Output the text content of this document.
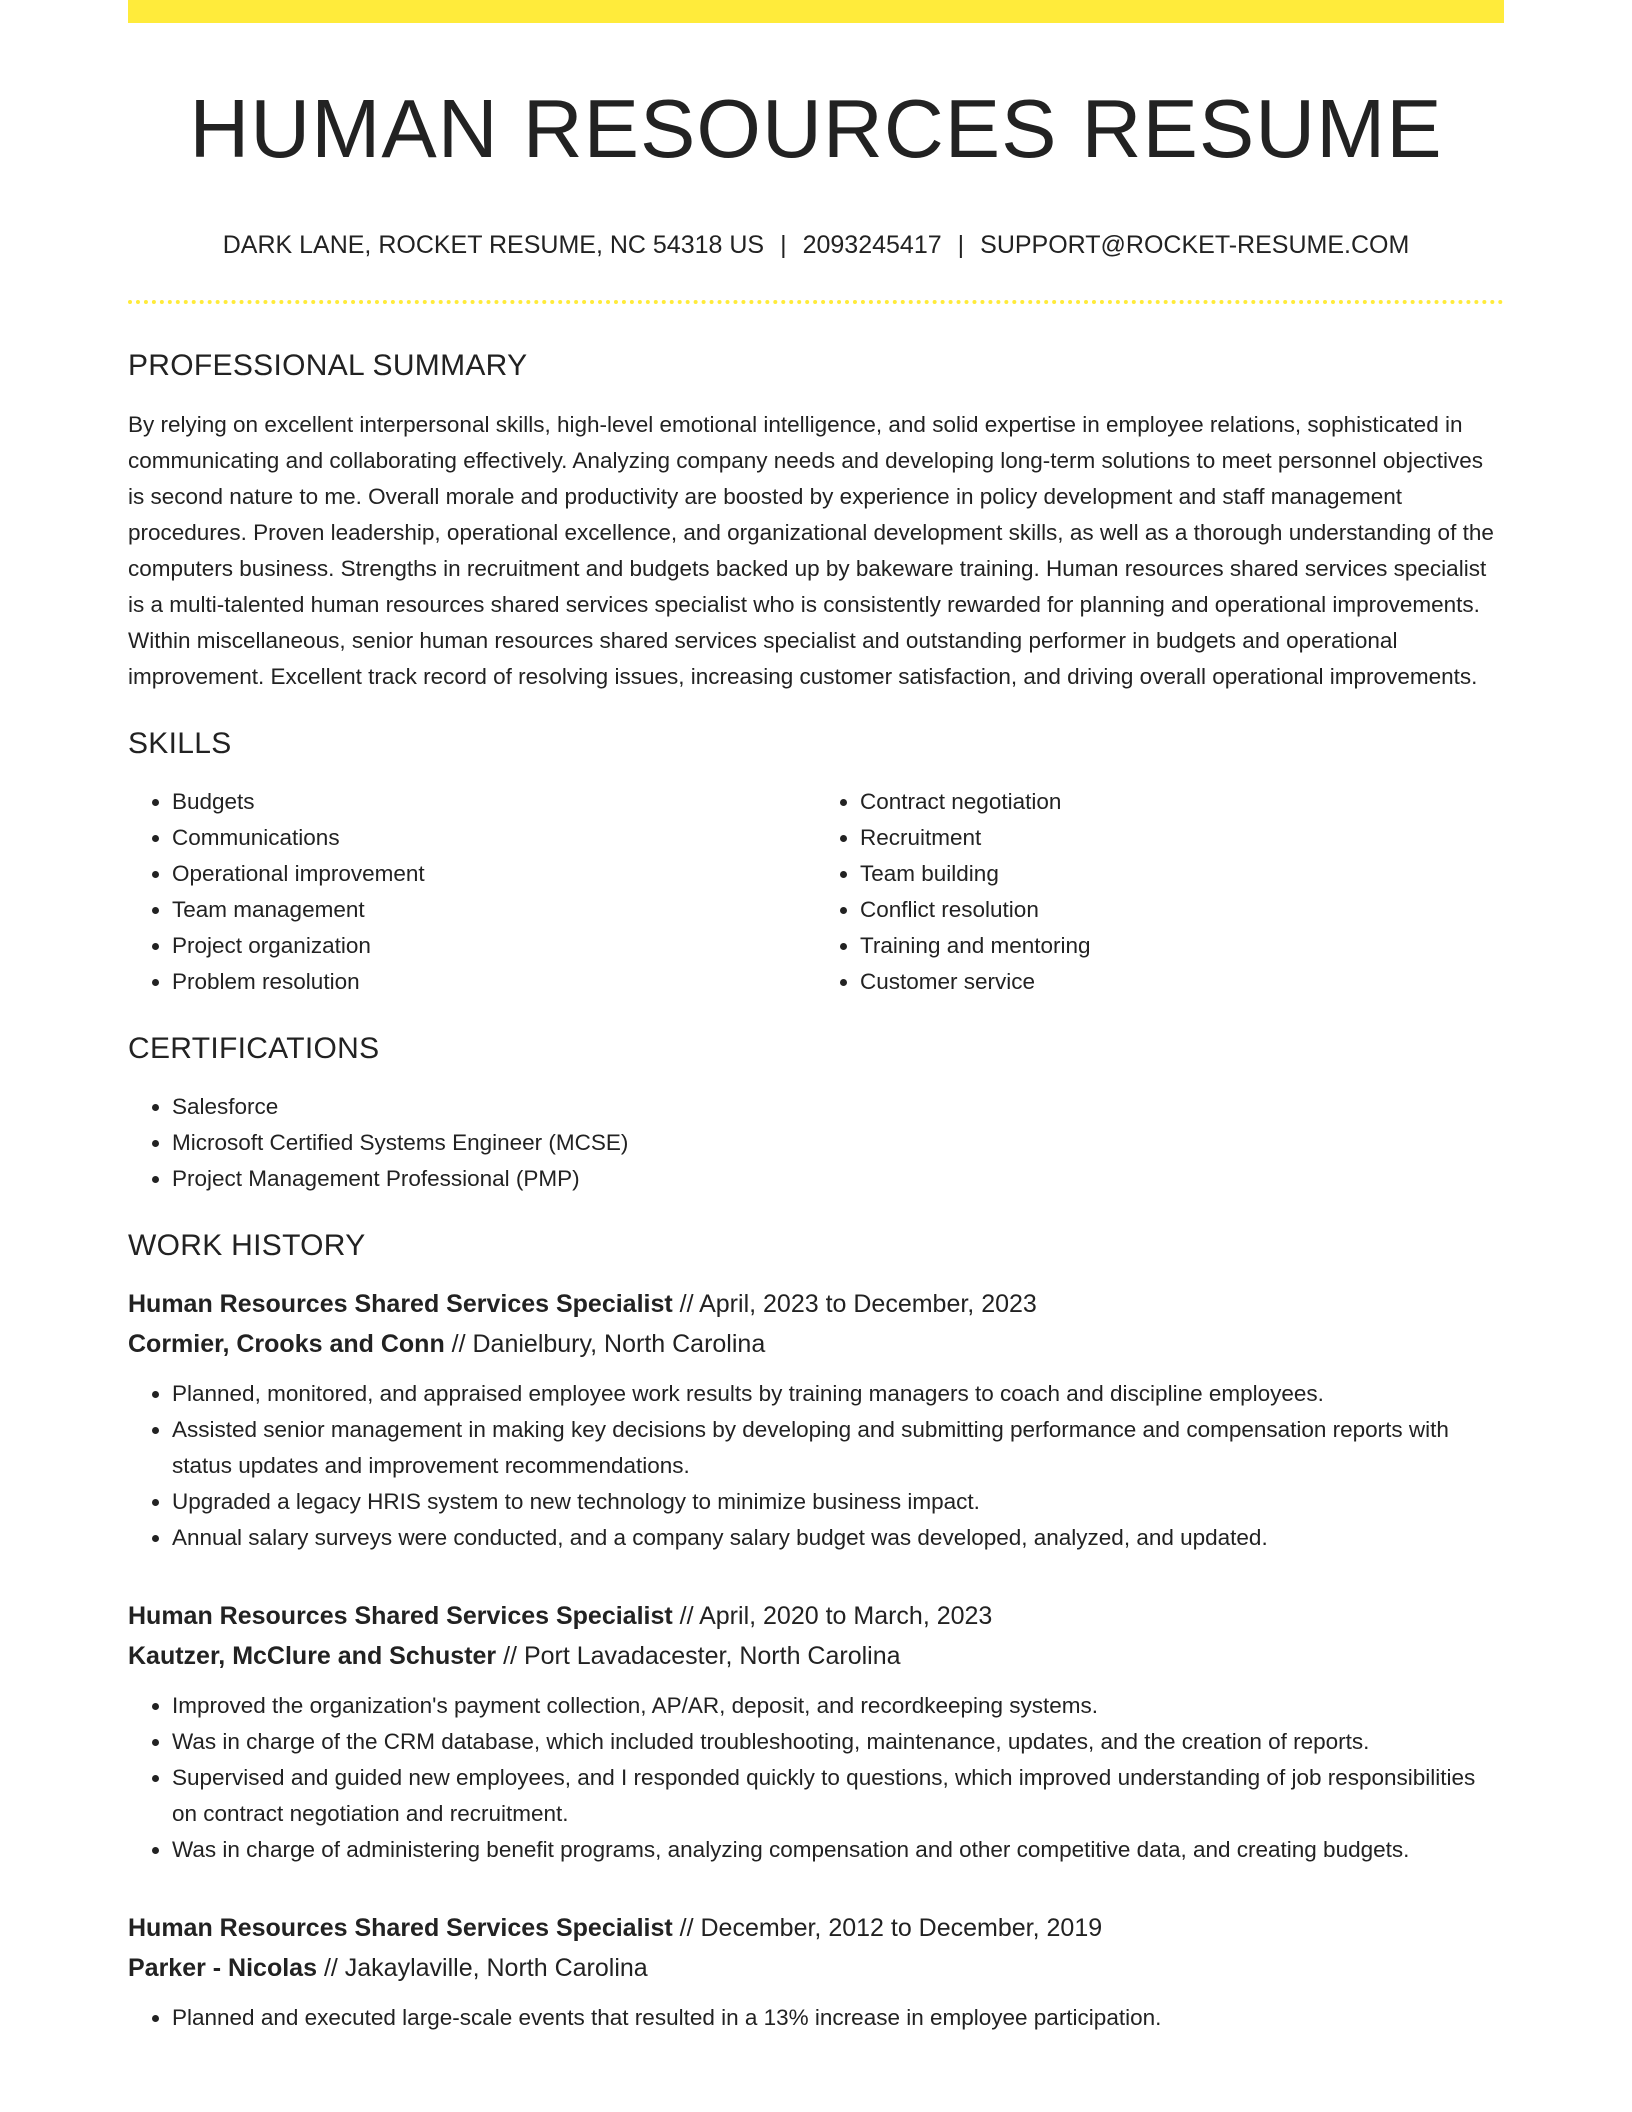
HUMAN RESOURCES RESUME
DARK LANE, ROCKET RESUME, NC 54318 US | 2093245417 | SUPPORT@ROCKET-RESUME.COM
PROFESSIONAL SUMMARY

By relying on excellent interpersonal skills, high-level emotional intelligence, and solid expertise in employee relations, sophisticated in communicating and collaborating effectively. Analyzing company needs and developing long-term solutions to meet personnel objectives is second nature to me. Overall morale and productivity are boosted by experience in policy development and staff management procedures. Proven leadership, operational excellence, and organizational development skills, as well as a thorough understanding of the computers business. Strengths in recruitment and budgets backed up by bakeware training. Human resources shared services specialist is a multi-talented human resources shared services specialist who is consistently rewarded for planning and operational improvements. Within miscellaneous, senior human resources shared services specialist and outstanding performer in budgets and operational improvement. Excellent track record of resolving issues, increasing customer satisfaction, and driving overall operational improvements.

SKILLS
• Budgets
• Communications
• Operational improvement
• Team management
• Project organization
• Problem resolution
• Contract negotiation
• Recruitment
• Team building
• Conflict resolution
• Training and mentoring
• Customer service
CERTIFICATIONS
• Salesforce
• Microsoft Certified Systems Engineer (MCSE)
• Project Management Professional (PMP)
WORK HISTORY
Human Resources Shared Services Specialist // April, 2023 to December, 2023
Cormier, Crooks and Conn // Danielbury, North Carolina
• Planned, monitored, and appraised employee work results by training managers to coach and discipline employees.
• Assisted senior management in making key decisions by developing and submitting performance and compensation reports with status updates and improvement recommendations.
• Upgraded a legacy HRIS system to new technology to minimize business impact.
• Annual salary surveys were conducted, and a company salary budget was developed, analyzed, and updated.
Human Resources Shared Services Specialist // April, 2020 to March, 2023
Kautzer, McClure and Schuster // Port Lavadacester, North Carolina
• Improved the organization's payment collection, AP/AR, deposit, and recordkeeping systems.
• Was in charge of the CRM database, which included troubleshooting, maintenance, updates, and the creation of reports.
• Supervised and guided new employees, and I responded quickly to questions, which improved understanding of job responsibilities on contract negotiation and recruitment.
• Was in charge of administering benefit programs, analyzing compensation and other competitive data, and creating budgets.
Human Resources Shared Services Specialist // December, 2012 to December, 2019
Parker - Nicolas // Jakaylaville, North Carolina
• Planned and executed large-scale events that resulted in a 13% increase in employee participation.
